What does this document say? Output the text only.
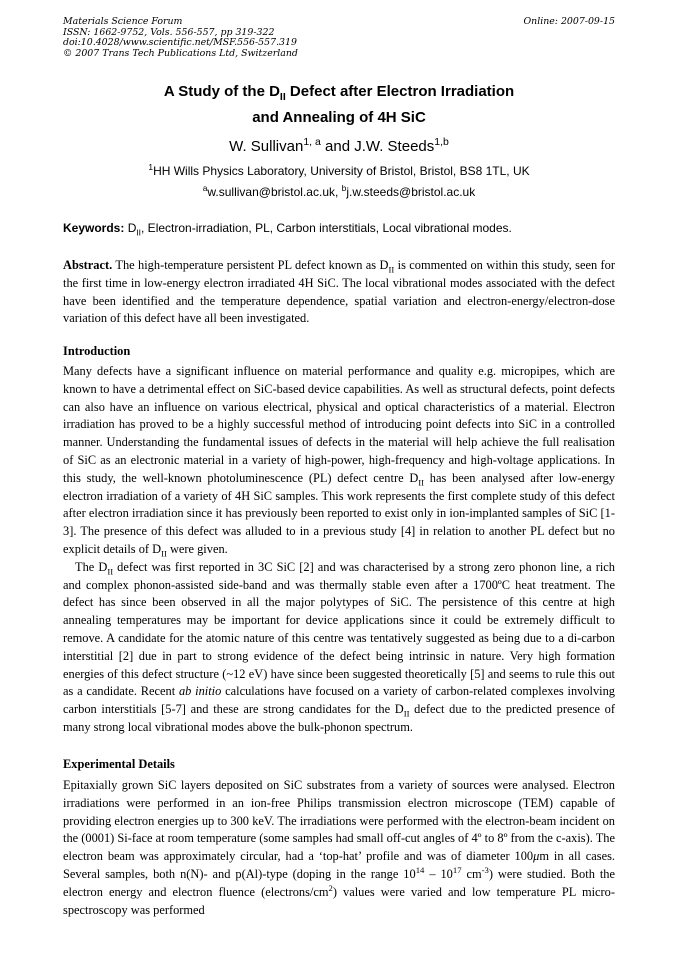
Materials Science Forum
ISSN: 1662-9752, Vols. 556-557, pp 319-322
doi:10.4028/www.scientific.net/MSF.556-557.319
© 2007 Trans Tech Publications Ltd, Switzerland
Online: 2007-09-15
A Study of the $D_{II}$ Defect after Electron Irradiation
and Annealing of 4H SiC
W. Sullivan$^{1, a}$ and J.W. Steeds$^{1,b}$
$^1$HH Wills Physics Laboratory, University of Bristol, Bristol, BS8 1TL, UK
$^a$w.sullivan@bristol.ac.uk, $^b$j.w.steeds@bristol.ac.uk
Keywords: $D_{II}$, Electron-irradiation, PL, Carbon interstitials, Local vibrational modes.

Abstract. The high-temperature persistent PL defect known as $D_{II}$ is commented on within this study, seen for the first time in low-energy electron irradiated 4H SiC. The local vibrational modes associated with the defect have been identified and the temperature dependence, spatial variation and electron-energy/electron-dose variation of this defect have all been investigated.

Introduction

Many defects have a significant influence on material performance and quality e.g. micropipes, which are known to have a detrimental effect on SiC-based device capabilities. As well as structural defects, point defects can also have an influence on various electrical, physical and optical characteristics of a material. Electron irradiation has proved to be a highly successful method of introducing point defects into SiC in a controlled manner. Understanding the fundamental issues of defects in the material will help achieve the full realisation of SiC as an electronic material in a variety of high-power, high-frequency and high-voltage applications. In this study, the well-known photoluminescence (PL) defect centre $D_{II}$ has been analysed after low-energy electron irradiation of a variety of 4H SiC samples. This work represents the first complete study of this defect after electron irradiation since it has previously been reported to exist only in ion-implanted samples of SiC [1-3]. The presence of this defect was alluded to in a previous study [4] in relation to another PL defect but no explicit details of $D_{II}$ were given.

The $D_{II}$ defect was first reported in 3C SiC [2] and was characterised by a strong zero phonon line, a rich and complex phonon-assisted side-band and was thermally stable even after a 1700ºC heat treatment. The defect has since been observed in all the major polytypes of SiC. The persistence of this centre at high annealing temperatures may be important for device applications since it could be extremely difficult to remove. A candidate for the atomic nature of this centre was tentatively suggested as being due to a di-carbon interstitial [2] due in part to strong evidence of the defect being intrinsic in nature. Very high formation energies of this defect structure (~12 eV) have since been suggested theoretically [5] and seems to rule this out as a candidate. Recent ab initio calculations have focused on a variety of carbon-related complexes involving carbon interstitials [5-7] and these are strong candidates for the $D_{II}$ defect due to the predicted presence of many strong local vibrational modes above the bulk-phonon spectrum.

Experimental Details

Epitaxially grown SiC layers deposited on SiC substrates from a variety of sources were analysed. Electron irradiations were performed in an ion-free Philips transmission electron microscope (TEM) capable of providing electron energies up to 300 keV. The irradiations were performed with the electron-beam incident on the (0001) Si-face at room temperature (some samples had small off-cut angles of 4º to 8º from the c-axis). The electron beam was approximately circular, had a ‘top-hat’ profile and was of diameter 100μm in all cases. Several samples, both n(N)- and p(Al)-type (doping in the range $10^{14} - 10^{17}$ $cm^{-3}$) were studied. Both the electron energy and electron fluence $(electrons/cm^2)$ values were varied and low temperature PL micro-spectroscopy was performed
